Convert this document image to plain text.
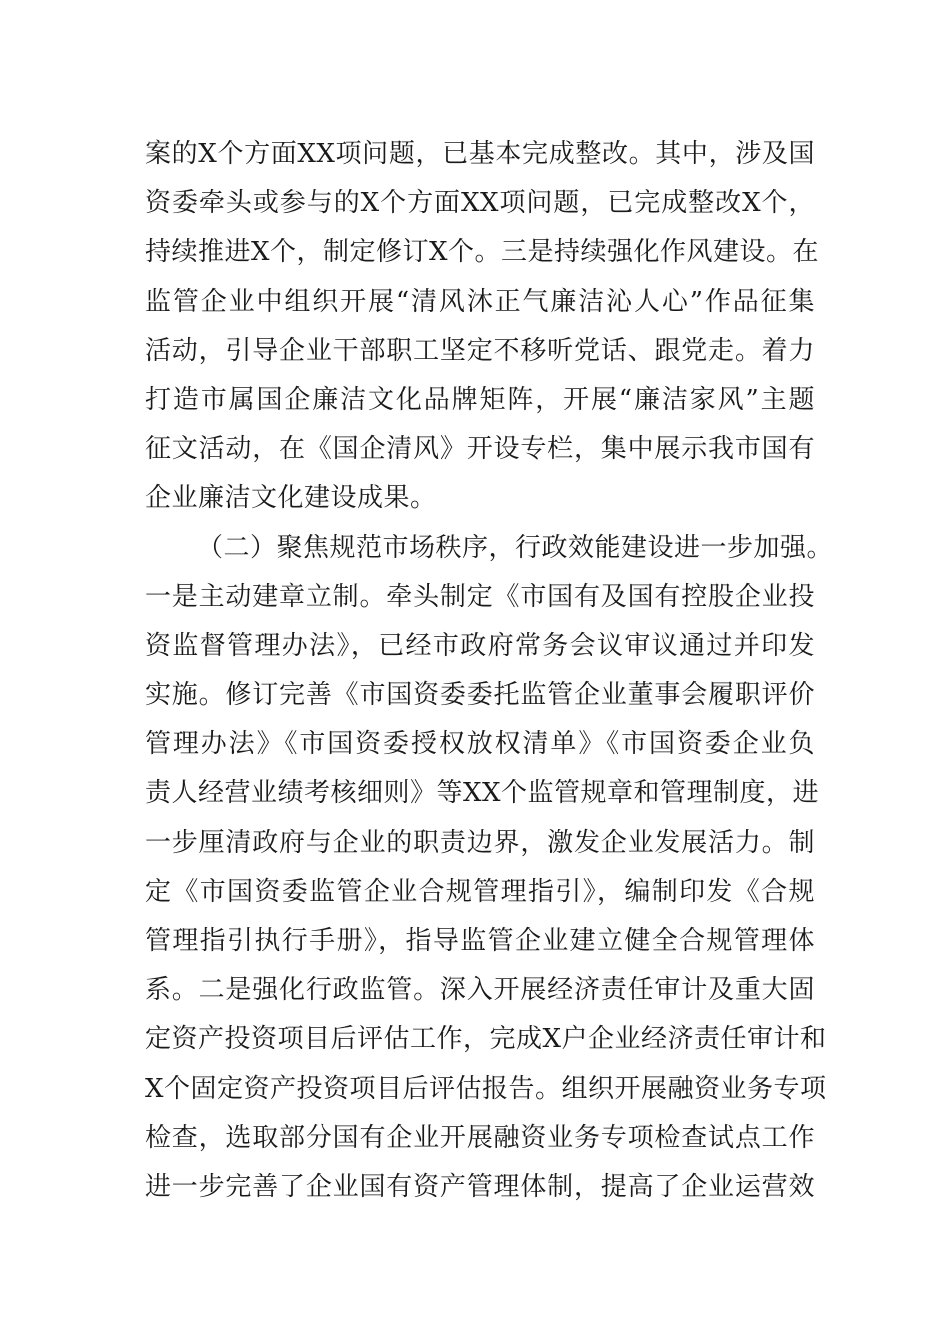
案的X个方面XX项问题，已基本完成整改。其中，涉及国
资委牵头或参与的X个方面XX项问题，已完成整改X个，
持续推进X个，制定修订X个。三是持续强化作风建设。在
监管企业中组织开展“清风沐正气廉洁沁人心”作品征集
活动，引导企业干部职工坚定不移听党话、跟党走。着力
打造市属国企廉洁文化品牌矩阵，开展“廉洁家风”主题
征文活动，在《国企清风》开设专栏，集中展示我市国有
企业廉洁文化建设成果。
（二）聚焦规范市场秩序，行政效能建设进一步加强。
一是主动建章立制。牵头制定《市国有及国有控股企业投
资监督管理办法》，已经市政府常务会议审议通过并印发
实施。修订完善《市国资委委托监管企业董事会履职评价
管理办法》《市国资委授权放权清单》《市国资委企业负
责人经营业绩考核细则》等XX个监管规章和管理制度，进
一步厘清政府与企业的职责边界，激发企业发展活力。制
定《市国资委监管企业合规管理指引》，编制印发《合规
管理指引执行手册》，指导监管企业建立健全合规管理体
系。二是强化行政监管。深入开展经济责任审计及重大固
定资产投资项目后评估工作，完成X户企业经济责任审计和
X个固定资产投资项目后评估报告。组织开展融资业务专项
检查，选取部分国有企业开展融资业务专项检查试点工作
进一步完善了企业国有资产管理体制，提高了企业运营效
